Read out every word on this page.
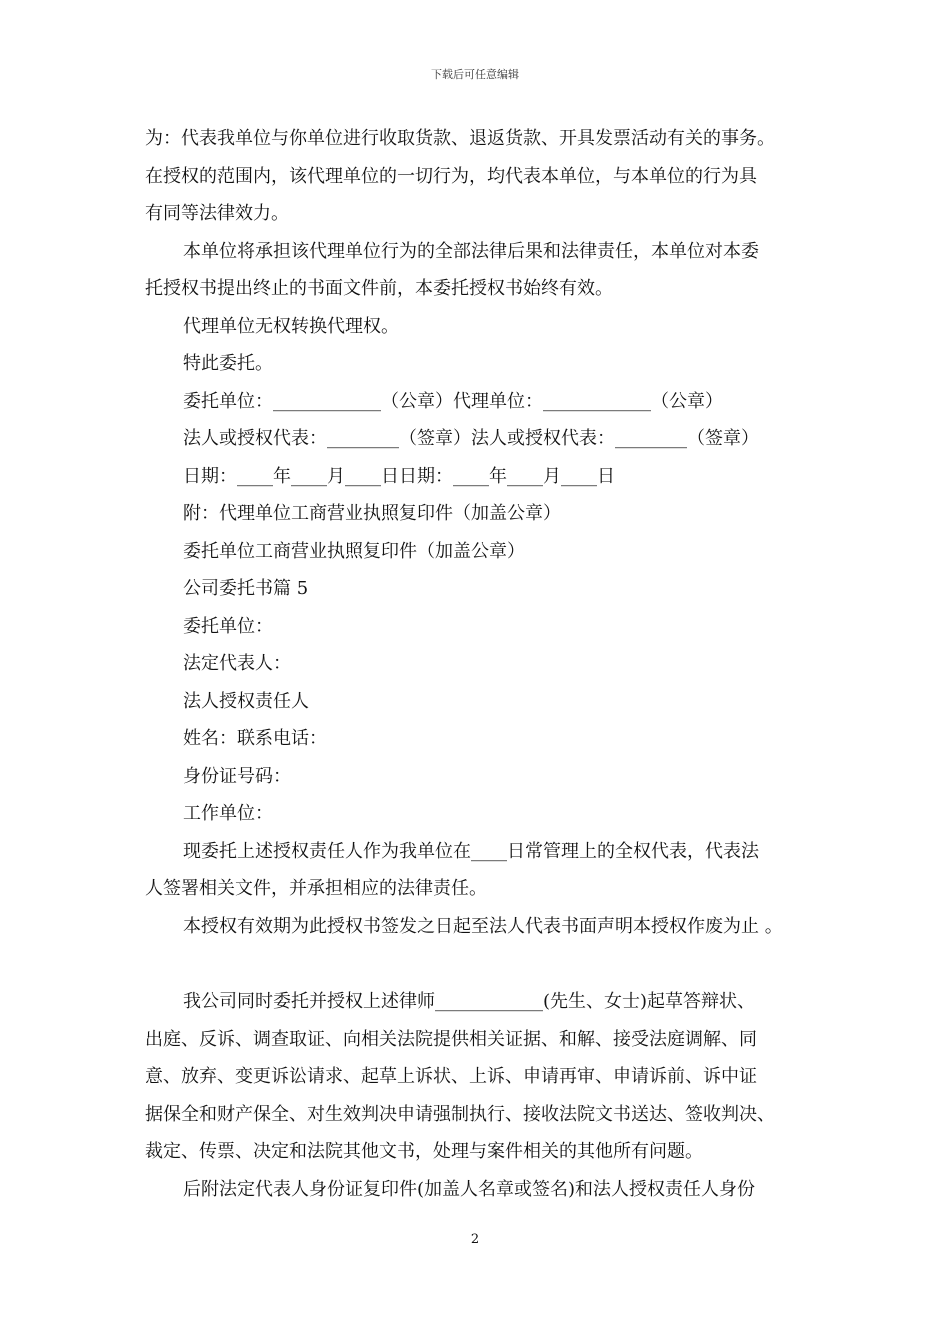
下载后可任意编辑
为：代表我单位与你单位进行收取货款、退返货款、开具发票活动有关的事务。
在授权的范围内，该代理单位的一切行为，均代表本单位，与本单位的行为具
有同等法律效力。
本单位将承担该代理单位行为的全部法律后果和法律责任，本单位对本委
托授权书提出终止的书面文件前，本委托授权书始终有效。
代理单位无权转换代理权。
特此委托。
委托单位：____________（公章）代理单位：____________（公章）
法人或授权代表：________（签章）法人或授权代表：________（签章）
日期：____年____月____日日期：____年____月____日
附：代理单位工商营业执照复印件（加盖公章）
委托单位工商营业执照复印件（加盖公章）
公司委托书篇 5
委托单位：
法定代表人：
法人授权责任人
姓名：联系电话：
身份证号码：
工作单位：
现委托上述授权责任人作为我单位在____日常管理上的全权代表，代表法
人签署相关文件，并承担相应的法律责任。
本授权有效期为此授权书签发之日起至法人代表书面声明本授权作废为止 。
我公司同时委托并授权上述律师____________(先生、女士)起草答辩状、
出庭、反诉、调查取证、向相关法院提供相关证据、和解、接受法庭调解、同
意、放弃、变更诉讼请求、起草上诉状、上诉、申请再审、申请诉前、诉中证
据保全和财产保全、对生效判决申请强制执行、接收法院文书送达、签收判决、
裁定、传票、决定和法院其他文书，处理与案件相关的其他所有问题。
后附法定代表人身份证复印件(加盖人名章或签名)和法人授权责任人身份
2
